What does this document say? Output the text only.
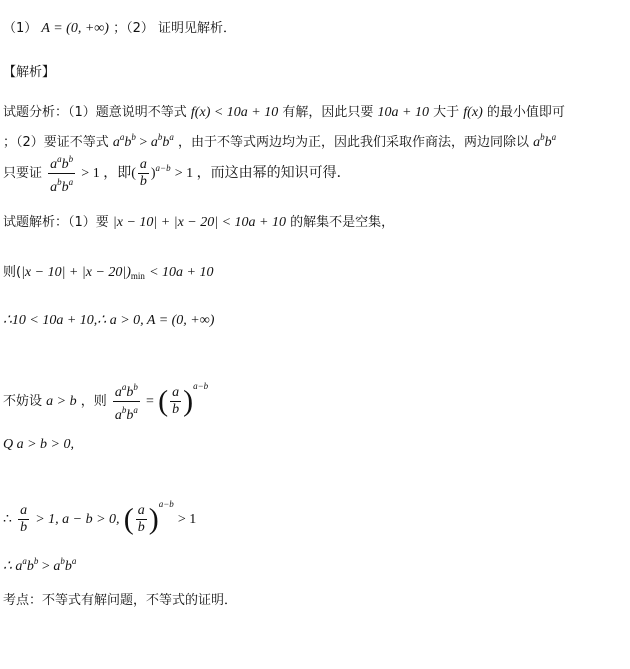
（1） A = (0, +∞) ；（2） 证明见解析．
【解析】
试题分析：（1）题意说明不等式 f(x) < 10a + 10 有解，因此只要 10a + 10 大于 f(x) 的最小值即可
；（2）要证不等式 $a^ab^b > a^bb^a$ ，由于不等式两边均为正，因此我们采取作商法，两边同除以 $a^bb^a$
只要证 $\frac{a^ab^b}{a^bb^a} > 1$ ，即( $\frac{a}{b} )^{a-b} > 1$ ，而这由幂的知识可得．
试题解析：（1）要 |x − 10| + |x − 20| < 10a + 10 的解集不是空集，
则$(|x - 10| + |x - 20|)_{min} < 10a + 10$
∴10 < 10a + 10,∴ a > 0, A = (0, +∞)
不妨设 a > b ，则 $\frac{a^ab^b}{a^bb^a}$ = ( $\frac{a}{b} )^{a-b}$
Q a > b > 0,
∴ $\frac{a}{b} > 1$, a − b > 0, ( $\frac{a}{b} )^{a-b} > 1$
∴ $a^ab^b > a^bb^a$
考点：不等式有解问题，不等式的证明．
